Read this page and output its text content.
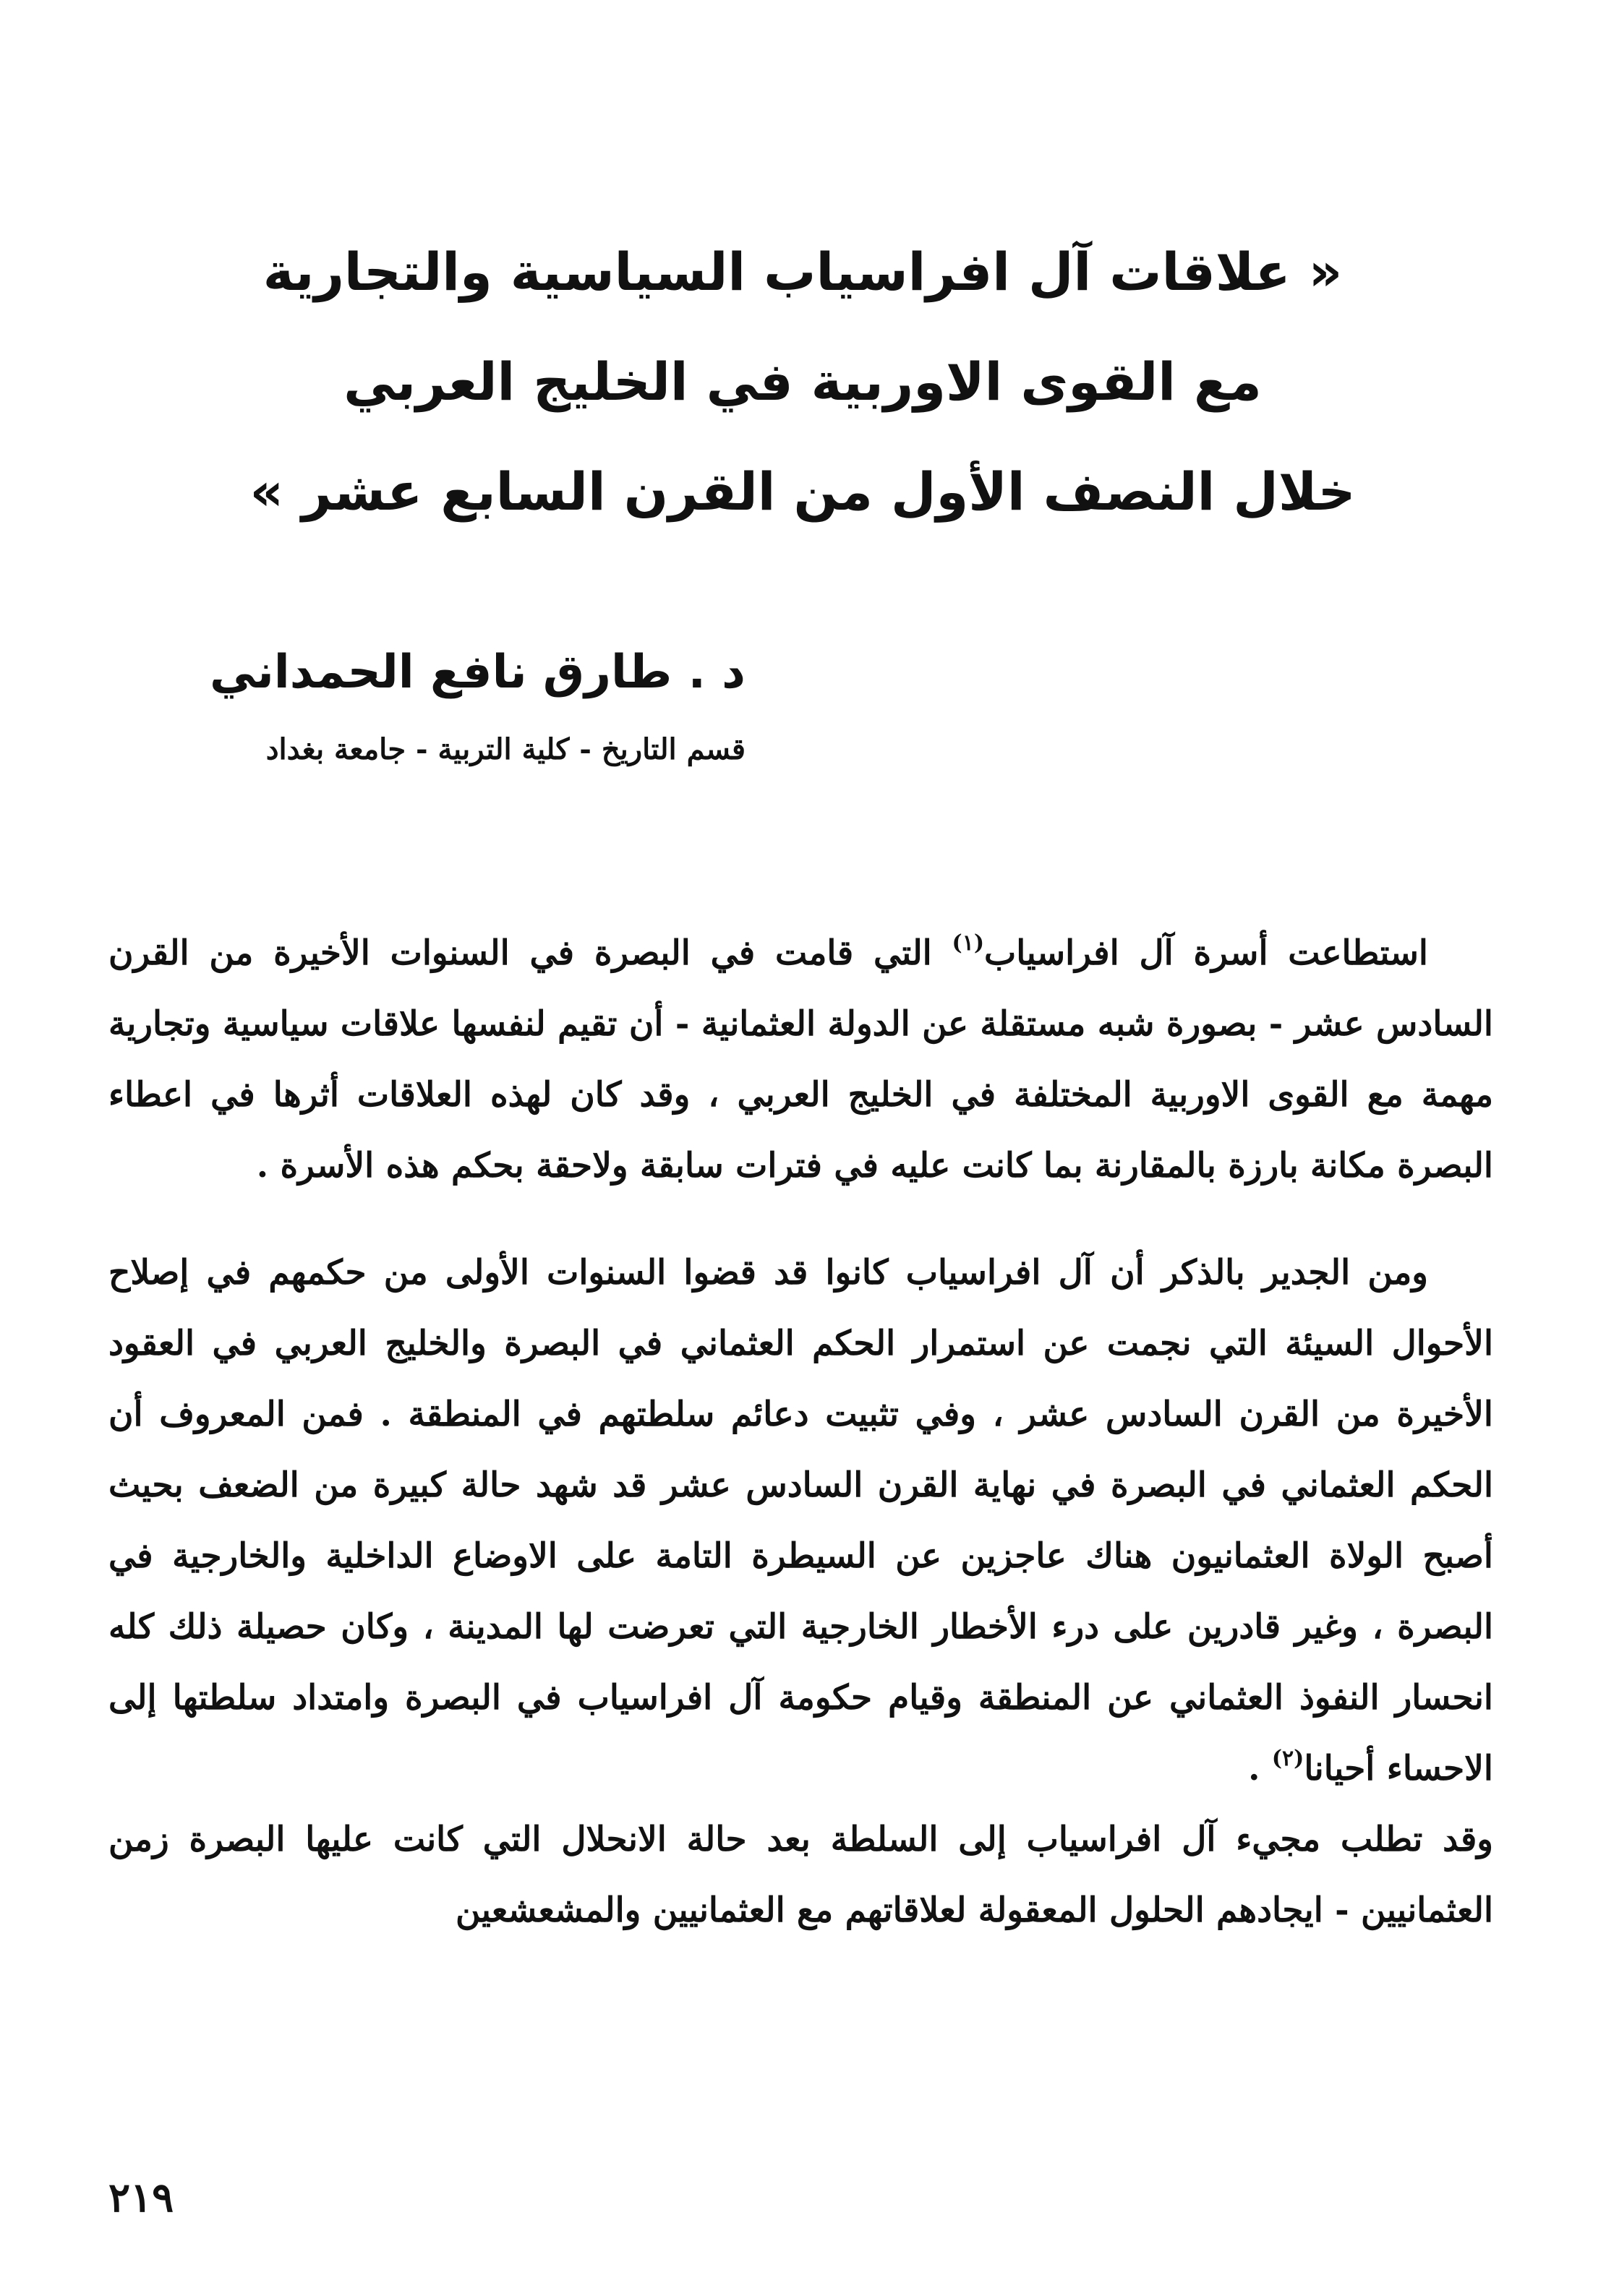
« علاقات آل افراسياب السياسية والتجارية
مع القوى الاوربية في الخليج العربي
خلال النصف الأول من القرن السابع عشر »
د . طارق نافع الحمداني
قسم التاريخ - كلية التربية - جامعة بغداد

استطاعت أسرة آل افراسياب$^{(١)}$ التي قامت في البصرة في السنوات الأخيرة من القرن السادس عشر - بصورة شبه مستقلة عن الدولة العثمانية - أن تقيم لنفسها علاقات سياسية وتجارية مهمة مع القوى الاوربية المختلفة في الخليج العربي ، وقد كان لهذه العلاقات أثرها في اعطاء البصرة مكانة بارزة بالمقارنة بما كانت عليه في فترات سابقة ولاحقة بحكم هذه الأسرة .

ومن الجدير بالذكر أن آل افراسياب كانوا قد قضوا السنوات الأولى من حكمهم في إصلاح الأحوال السيئة التي نجمت عن استمرار الحكم العثماني في البصرة والخليج العربي في العقود الأخيرة من القرن السادس عشر ، وفي تثبيت دعائم سلطتهم في المنطقة . فمن المعروف أن الحكم العثماني في البصرة في نهاية القرن السادس عشر قد شهد حالة كبيرة من الضعف بحيث أصبح الولاة العثمانيون هناك عاجزين عن السيطرة التامة على الاوضاع الداخلية والخارجية في البصرة ، وغير قادرين على درء الأخطار الخارجية التي تعرضت لها المدينة ، وكان حصيلة ذلك كله انحسار النفوذ العثماني عن المنطقة وقيام حكومة آل افراسياب في البصرة وامتداد سلطتها إلى الاحساء أحيانا$^{(٢)}$ .

وقد تطلب مجيء آل افراسياب إلى السلطة بعد حالة الانحلال التي كانت عليها البصرة زمن العثمانيين - ايجادهم الحلول المعقولة لعلاقاتهم مع العثمانيين والمشعشعين

٢١٩
